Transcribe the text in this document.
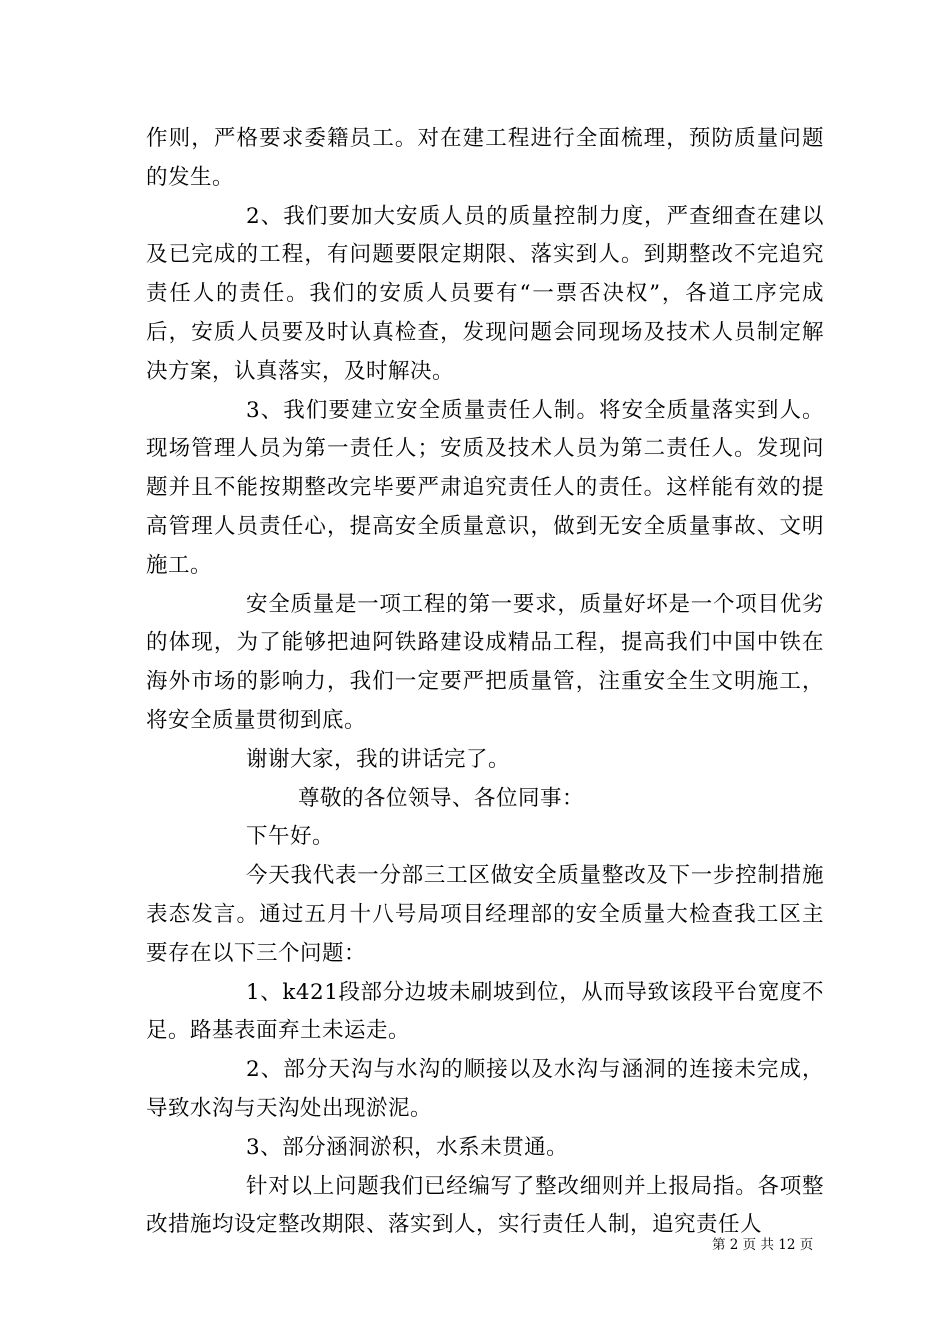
作则，严格要求委籍员工。对在建工程进行全面梳理，预防质量问题的发生。

2、我们要加大安质人员的质量控制力度，严查细查在建以及已完成的工程，有问题要限定期限、落实到人。到期整改不完追究责任人的责任。我们的安质人员要有“一票否决权”，各道工序完成后，安质人员要及时认真检查，发现问题会同现场及技术人员制定解决方案，认真落实，及时解决。

3、我们要建立安全质量责任人制。将安全质量落实到人。现场管理人员为第一责任人；安质及技术人员为第二责任人。发现问题并且不能按期整改完毕要严肃追究责任人的责任。这样能有效的提高管理人员责任心，提高安全质量意识，做到无安全质量事故、文明施工。

安全质量是一项工程的第一要求，质量好坏是一个项目优劣的体现，为了能够把迪阿铁路建设成精品工程，提高我们中国中铁在海外市场的影响力，我们一定要严把质量管，注重安全生文明施工，将安全质量贯彻到底。

谢谢大家，我的讲话完了。

尊敬的各位领导、各位同事：

下午好。

今天我代表一分部三工区做安全质量整改及下一步控制措施表态发言。通过五月十八号局项目经理部的安全质量大检查我工区主要存在以下三个问题：

1、k421段部分边坡未刷坡到位，从而导致该段平台宽度不足。路基表面弃土未运走。

2、部分天沟与水沟的顺接以及水沟与涵洞的连接未完成，导致水沟与天沟处出现淤泥。

3、部分涵洞淤积，水系未贯通。

针对以上问题我们已经编写了整改细则并上报局指。各项整改措施均设定整改期限、落实到人，实行责任人制，追究责任人

第 2 页 共 12 页
